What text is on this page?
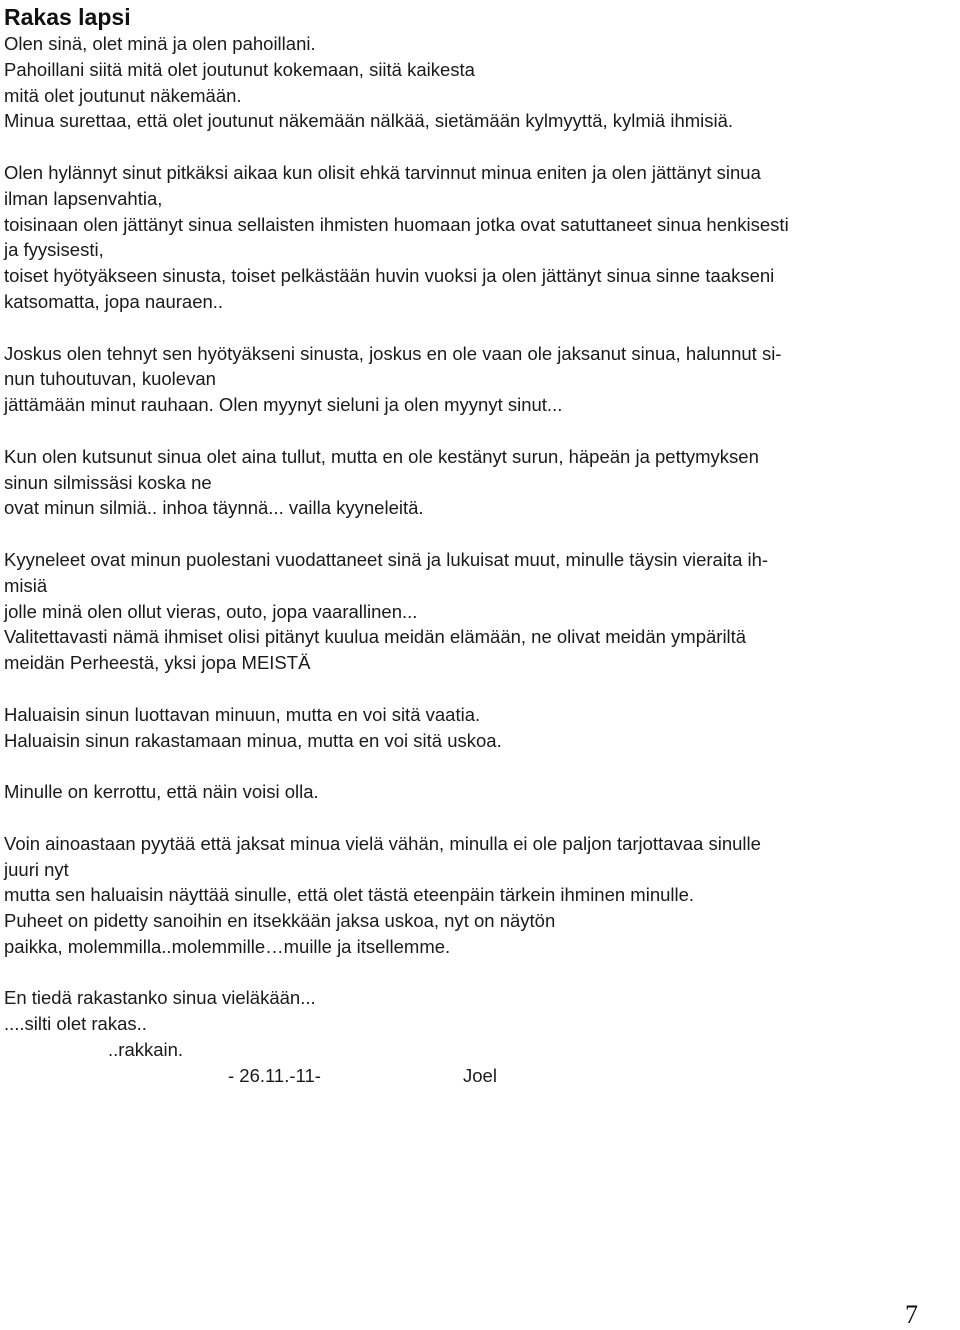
Rakas lapsi
Olen sinä, olet minä ja olen pahoillani.
Pahoillani siitä mitä olet joutunut kokemaan, siitä kaikesta
mitä olet joutunut näkemään.
Minua surettaa, että olet joutunut näkemään nälkää, sietämään kylmyyttä, kylmiä ihmisiä.
Olen hylännyt sinut pitkäksi aikaa kun olisit ehkä tarvinnut minua eniten ja olen jättänyt sinua
ilman lapsenvahtia,
toisinaan olen jättänyt sinua sellaisten ihmisten huomaan jotka ovat satuttaneet sinua henkisesti
ja fyysisesti,
toiset hyötyäkseen sinusta, toiset pelkästään huvin vuoksi ja olen jättänyt sinua sinne taakseni
katsomatta, jopa nauraen..
Joskus olen tehnyt sen hyötyäkseni sinusta, joskus en ole vaan ole jaksanut sinua, halunnut si-
nun tuhoutuvan, kuolevan
jättämään minut rauhaan. Olen myynyt sieluni ja olen myynyt sinut...
Kun olen kutsunut sinua olet aina tullut, mutta en ole kestänyt surun, häpeän ja pettymyksen
sinun silmissäsi koska ne
ovat minun silmiä.. inhoa täynnä... vailla kyyneleitä.
Kyyneleet ovat minun puolestani vuodattaneet sinä ja lukuisat muut, minulle täysin vieraita ih-
misiä
jolle minä olen ollut vieras, outo, jopa vaarallinen...
Valitettavasti nämä ihmiset olisi pitänyt kuulua meidän elämään, ne olivat meidän ympäriltä
meidän Perheestä, yksi jopa MEISTÄ
Haluaisin sinun luottavan minuun, mutta en voi sitä vaatia.
Haluaisin sinun rakastamaan minua, mutta en voi sitä uskoa.
Minulle on kerrottu, että näin voisi olla.
Voin ainoastaan pyytää että jaksat minua vielä vähän, minulla ei ole paljon tarjottavaa sinulle
juuri nyt
mutta sen haluaisin näyttää sinulle, että olet tästä eteenpäin tärkein ihminen minulle.
Puheet on pidetty sanoihin en itsekkään jaksa uskoa, nyt on näytön
paikka, molemmilla..molemmille…muille ja itsellemme.
En tiedä rakastanko sinua vieläkään...
....silti olet rakas..
..rakkain.
- 26.11.-11-	Joel
7
